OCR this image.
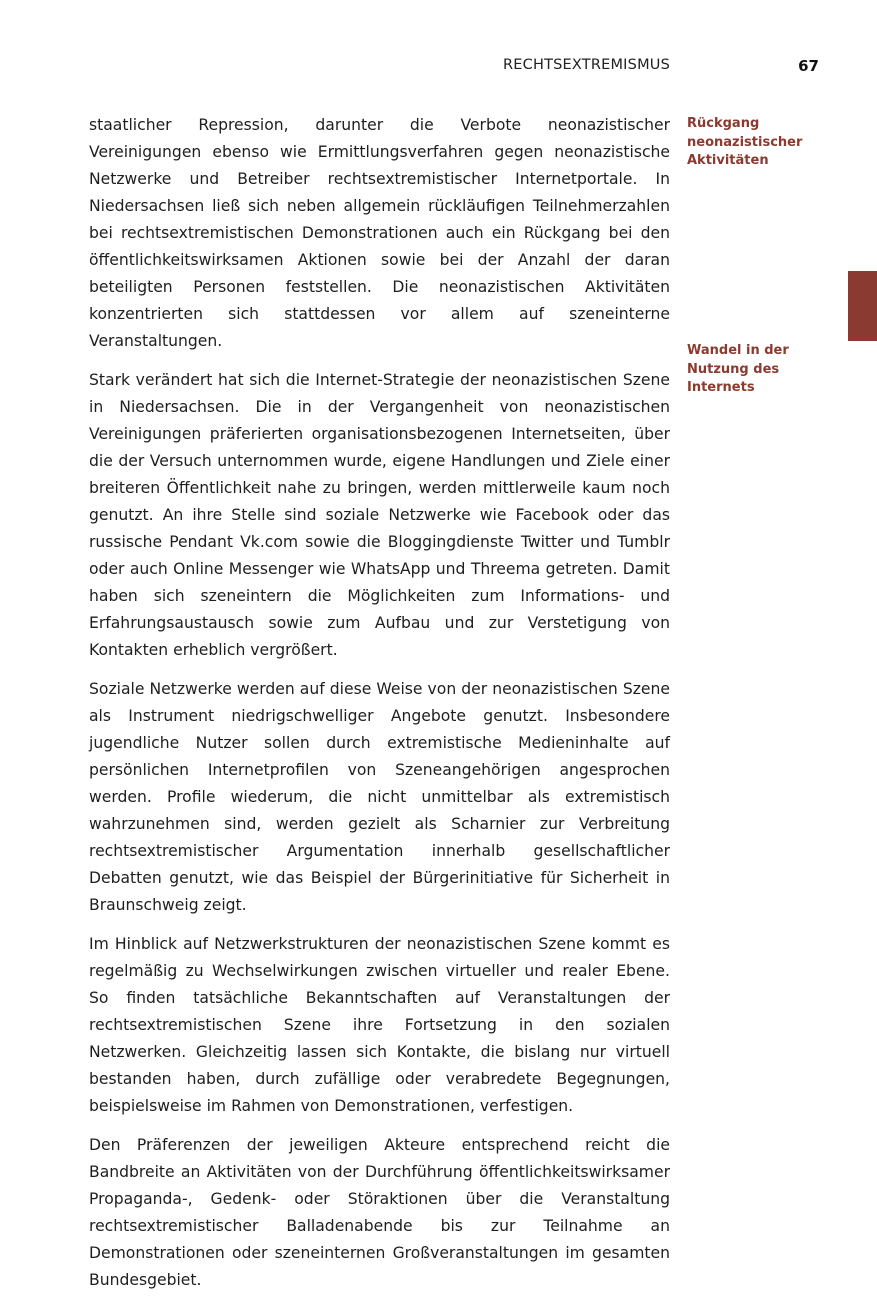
RECHTSEXTREMISMUS	67

staatlicher Repression, darunter die Verbote neonazistischer Vereinigungen ebenso wie Ermittlungsverfahren gegen neonazistische Netzwerke und Betreiber rechtsextremistischer Internetportale. In Niedersachsen ließ sich neben allgemein rückläufigen Teilnehmerzahlen bei rechtsextremistischen Demonstrationen auch ein Rückgang bei den öffentlichkeitswirksamen Aktionen sowie bei der Anzahl der daran beteiligten Personen feststellen. Die neonazistischen Aktivitäten konzentrierten sich stattdessen vor allem auf szeneinterne Veranstaltungen.

Stark verändert hat sich die Internet-Strategie der neonazistischen Szene in Niedersachsen. Die in der Vergangenheit von neonazistischen Vereinigungen präferierten organisationsbezogenen Internetseiten, über die der Versuch unternommen wurde, eigene Handlungen und Ziele einer breiteren Öffentlichkeit nahe zu bringen, werden mittlerweile kaum noch genutzt. An ihre Stelle sind soziale Netzwerke wie Facebook oder das russische Pendant Vk.com sowie die Bloggingdienste Twitter und Tumblr oder auch Online Messenger wie WhatsApp und Threema getreten. Damit haben sich szeneintern die Möglichkeiten zum Informations- und Erfahrungsaustausch sowie zum Aufbau und zur Verstetigung von Kontakten erheblich vergrößert.

Soziale Netzwerke werden auf diese Weise von der neonazistischen Szene als Instrument niedrigschwelliger Angebote genutzt. Insbesondere jugendliche Nutzer sollen durch extremistische Medieninhalte auf persönlichen Internetprofilen von Szeneangehörigen angesprochen werden. Profile wiederum, die nicht unmittelbar als extremistisch wahrzunehmen sind, werden gezielt als Scharnier zur Verbreitung rechtsextremistischer Argumentation innerhalb gesellschaftlicher Debatten genutzt, wie das Beispiel der Bürgerinitiative für Sicherheit in Braunschweig zeigt.

Im Hinblick auf Netzwerkstrukturen der neonazistischen Szene kommt es regelmäßig zu Wechselwirkungen zwischen virtueller und realer Ebene. So finden tatsächliche Bekanntschaften auf Veranstaltungen der rechtsextremistischen Szene ihre Fortsetzung in den sozialen Netzwerken. Gleichzeitig lassen sich Kontakte, die bislang nur virtuell bestanden haben, durch zufällige oder verabredete Begegnungen, beispielsweise im Rahmen von Demonstrationen, verfestigen.

Den Präferenzen der jeweiligen Akteure entsprechend reicht die Bandbreite an Aktivitäten von der Durchführung öffentlichkeitswirksamer Propaganda-, Gedenk- oder Störaktionen über die Veranstaltung rechtsextremistischer Balladenabende bis zur Teilnahme an Demonstrationen oder szeneinternen Großveranstaltungen im gesamten Bundesgebiet.

Rückgang neonazistischer Aktivitäten
Wandel in der Nutzung des Internets
